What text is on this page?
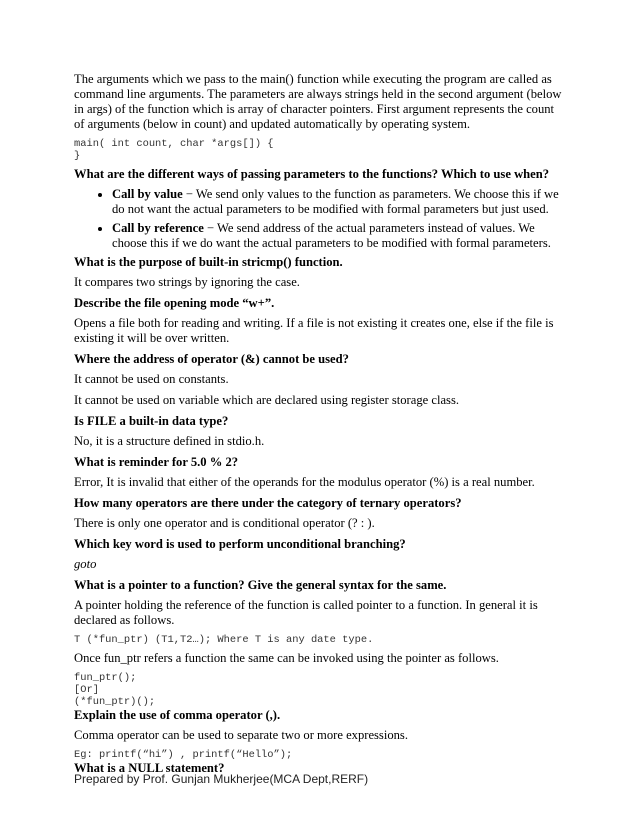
The arguments which we pass to the main() function while executing the program are called as command line arguments. The parameters are always strings held in the second argument (below in args) of the function which is array of character pointers. First argument represents the count of arguments (below in count) and updated automatically by operating system.

main( int count, char *args[]) {
}

What are the different ways of passing parameters to the functions? Which to use when?

• Call by value − We send only values to the function as parameters. We choose this if we do not want the actual parameters to be modified with formal parameters but just used.
• Call by reference − We send address of the actual parameters instead of values. We choose this if we do want the actual parameters to be modified with formal parameters.

What is the purpose of built-in stricmp() function.

It compares two strings by ignoring the case.

Describe the file opening mode “w+”.

Opens a file both for reading and writing. If a file is not existing it creates one, else if the file is existing it will be over written.

Where the address of operator (&) cannot be used?

It cannot be used on constants.

It cannot be used on variable which are declared using register storage class.

Is FILE a built-in data type?

No, it is a structure defined in stdio.h.

What is reminder for 5.0 % 2?

Error, It is invalid that either of the operands for the modulus operator (%) is a real number.

How many operators are there under the category of ternary operators?

There is only one operator and is conditional operator (? : ).

Which key word is used to perform unconditional branching?

goto

What is a pointer to a function? Give the general syntax for the same.

A pointer holding the reference of the function is called pointer to a function. In general it is declared as follows.

T (*fun_ptr) (T1,T2…); Where T is any date type.

Once fun_ptr refers a function the same can be invoked using the pointer as follows.

fun_ptr();
[Or]
(*fun_ptr)();

Explain the use of comma operator (,).

Comma operator can be used to separate two or more expressions.

Eg: printf(“hi”) , printf(“Hello”);

What is a NULL statement?

Prepared by Prof. Gunjan Mukherjee(MCA Dept,RERF)
